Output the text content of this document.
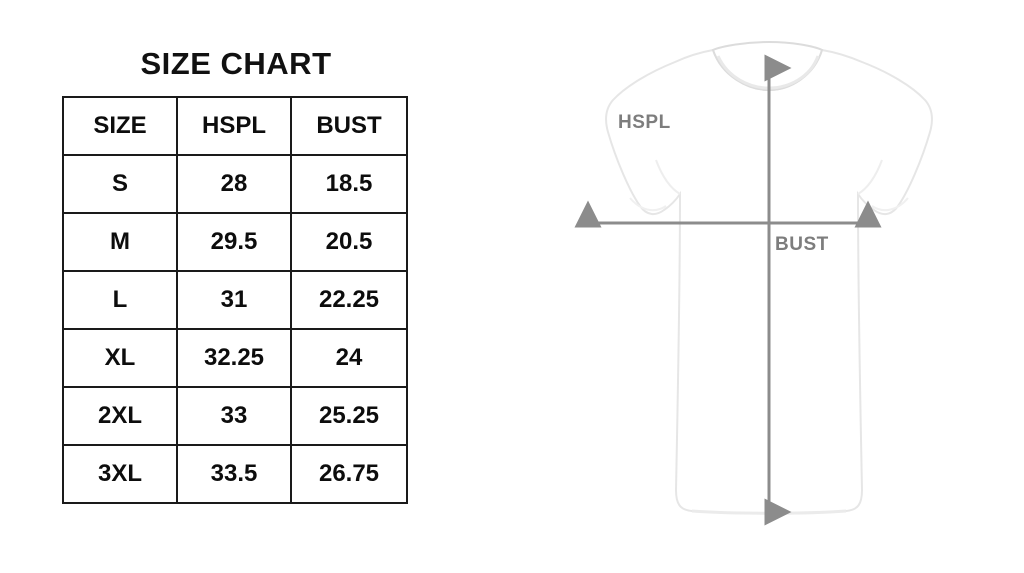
SIZE CHART
SIZE	HSPL	BUST
S	28	18.5
M	29.5	20.5
L	31	22.25
XL	32.25	24
2XL	33	25.25
3XL	33.5	26.75
HSPL
BUST
